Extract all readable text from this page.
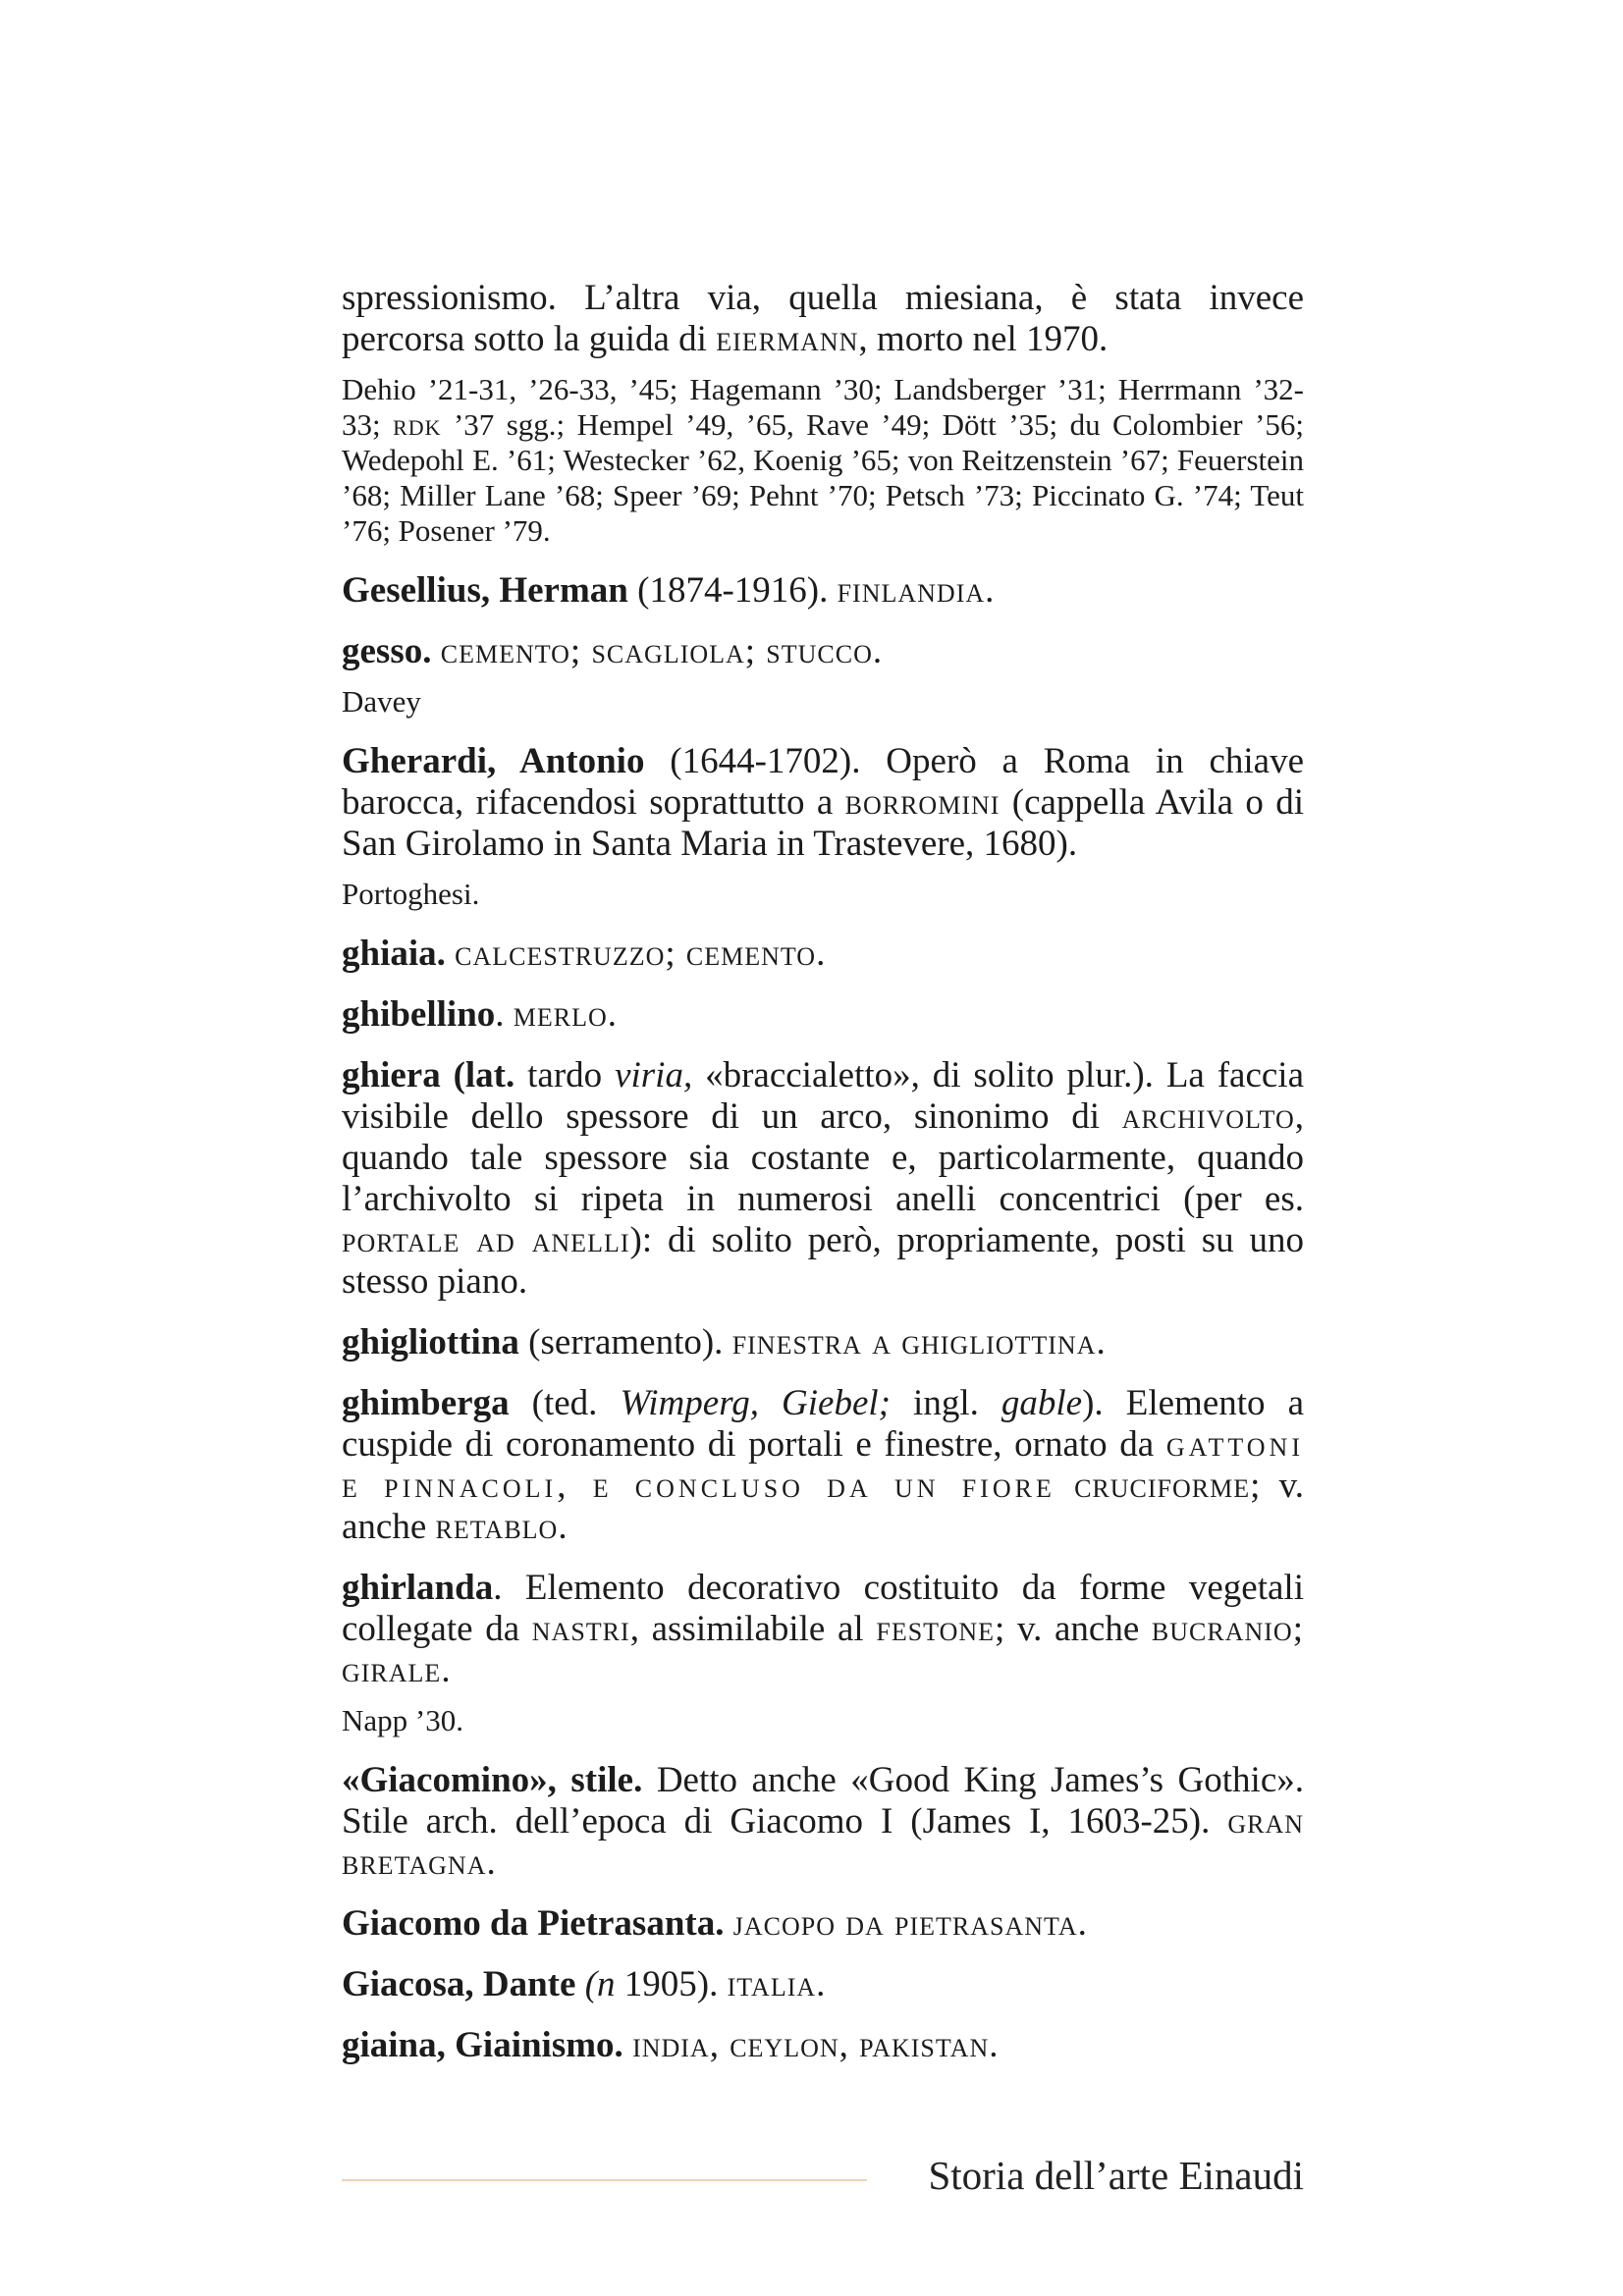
spressionismo. L’altra via, quella miesiana, è stata invece percorsa sotto la guida di eiermann, morto nel 1970.

Dehio ’21-31, ’26-33, ’45; Hagemann ’30; Landsberger ’31; Herrmann ’32-33; rdk ’37 sgg.; Hempel ’49, ’65, Rave ’49; Dött ’35; du Colombier ’56; Wedepohl E. ’61; Westecker ’62, Koenig ’65; von Reitzenstein ’67; Feuerstein ’68; Miller Lane ’68; Speer ’69; Pehnt ’70; Petsch ’73; Piccinato G. ’74; Teut ’76; Posener ’79.

Gesellius, Herman (1874-1916). finlandia.

gesso. cemento; scagliola; stucco.

Davey

Gherardi, Antonio (1644-1702). Operò a Roma in chiave barocca, rifacendosi soprattutto a borromini (cappella Avila o di San Girolamo in Santa Maria in Trastevere, 1680).

Portoghesi.

ghiaia. calcestruzzo; cemento.

ghibellino. merlo.

ghiera (lat. tardo viria, «braccialetto», di solito plur.). La faccia visibile dello spessore di un arco, sinonimo di archivolto, quando tale spessore sia costante e, particolarmente, quando l’archivolto si ripeta in numerosi anelli concentrici (per es. portale ad anelli): di solito però, propriamente, posti su uno stesso piano.

ghigliottina (serramento). finestra a ghigliottina.

ghimberga (ted. Wimperg, Giebel; ingl. gable). Elemento a cuspide di coronamento di portali e finestre, ornato da gattoni e pinnacoli, e concluso da un fiore cruciforme; v. anche retablo.

ghirlanda. Elemento decorativo costituito da forme vegetali collegate da nastri, assimilabile al festone; v. anche bucranio; girale.

Napp ’30.

«Giacomino», stile. Detto anche «Good King James’s Gothic». Stile arch. dell’epoca di Giacomo I (James I, 1603-25). gran bretagna.

Giacomo da Pietrasanta. jacopo da pietrasanta.

Giacosa, Dante (n 1905). italia.

giaina, Giainismo. india, ceylon, pakistan.

Storia dell’arte Einaudi
